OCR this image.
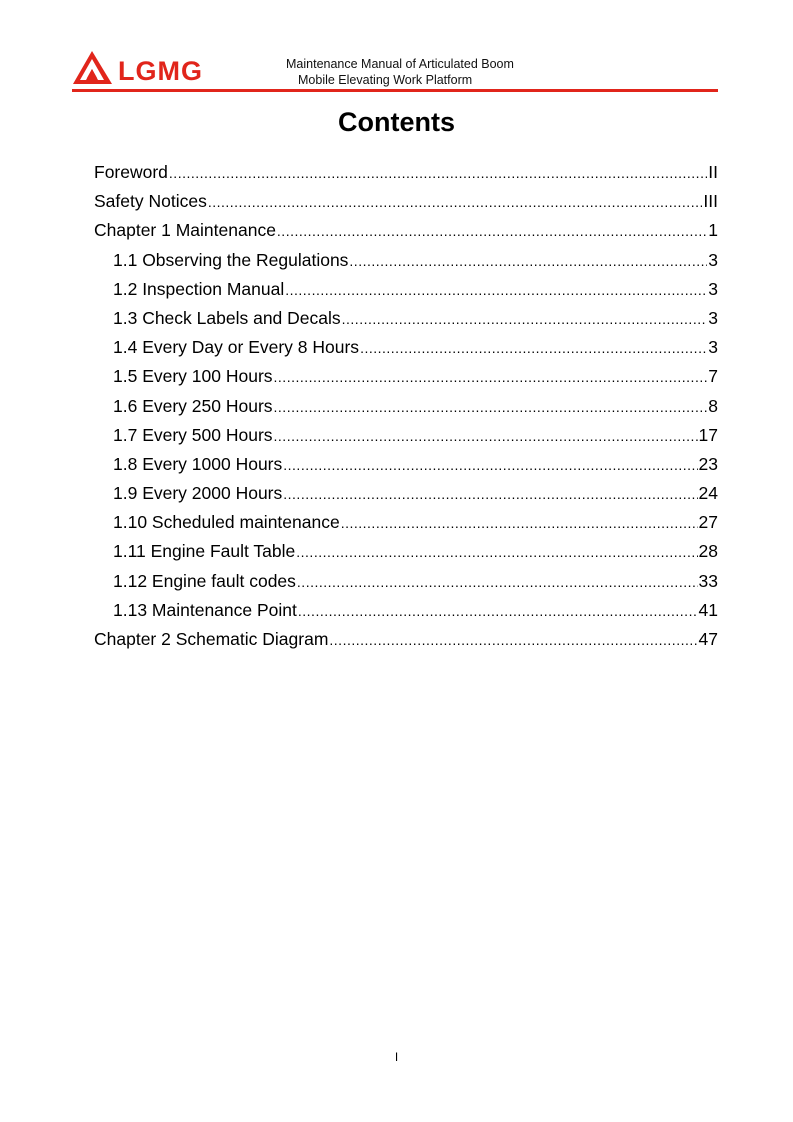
LGMG	Maintenance Manual of Articulated Boom
Mobile Elevating Work Platform
Contents
Foreword .....	II
Safety Notices .....	III
Chapter 1 Maintenance .....	1
1.1 Observing the Regulations .....	3
1.2 Inspection Manual .....	3
1.3 Check Labels and Decals .....	3
1.4 Every Day or Every 8 Hours .....	3
1.5 Every 100 Hours .....	7
1.6 Every 250 Hours .....	8
1.7 Every 500 Hours .....	17
1.8 Every 1000 Hours .....	23
1.9 Every 2000 Hours .....	24
1.10 Scheduled maintenance .....	27
1.11 Engine Fault Table .....	28
1.12 Engine fault codes .....	33
1.13 Maintenance Point .....	41
Chapter 2 Schematic Diagram .....	47
I
